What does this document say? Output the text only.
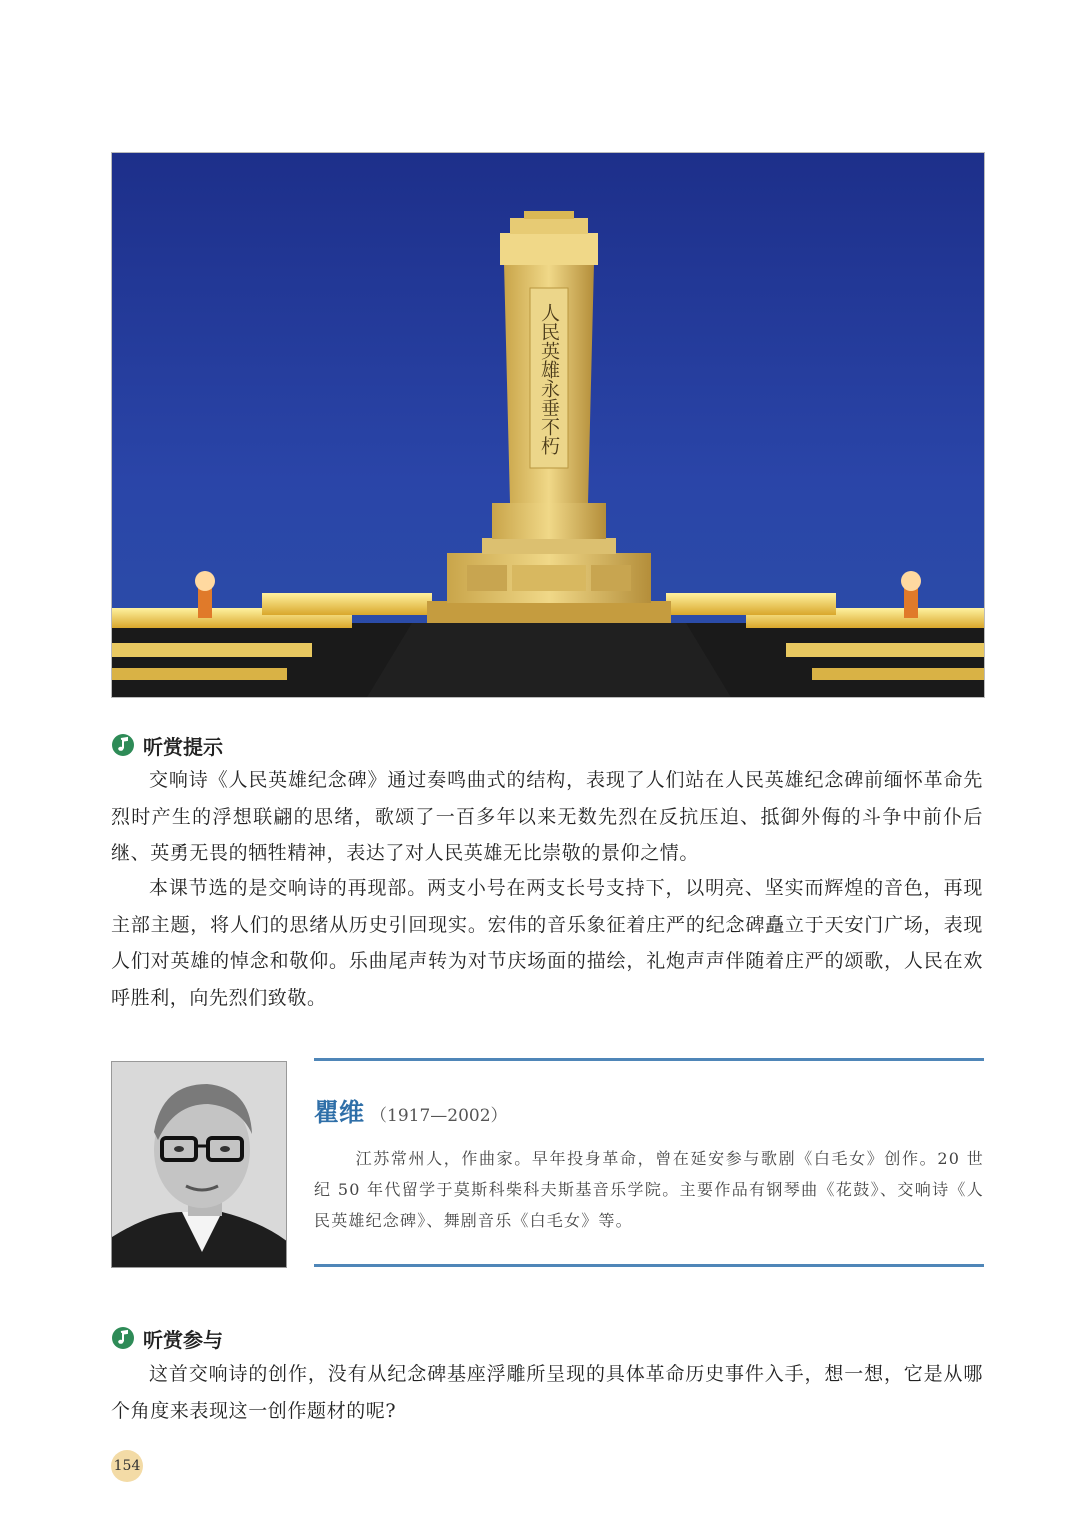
人民英雄永垂不朽
听赏提示

交响诗《人民英雄纪念碑》通过奏鸣曲式的结构，表现了人们站在人民英雄纪念碑前缅怀革命先烈时产生的浮想联翩的思绪，歌颂了一百多年以来无数先烈在反抗压迫、抵御外侮的斗争中前仆后继、英勇无畏的牺牲精神，表达了对人民英雄无比崇敬的景仰之情。

本课节选的是交响诗的再现部。两支小号在两支长号支持下，以明亮、坚实而辉煌的音色，再现主部主题，将人们的思绪从历史引回现实。宏伟的音乐象征着庄严的纪念碑矗立于天安门广场，表现人们对英雄的悼念和敬仰。乐曲尾声转为对节庆场面的描绘，礼炮声声伴随着庄严的颂歌，人民在欢呼胜利，向先烈们致敬。

瞿维 （1917—2002）

江苏常州人，作曲家。早年投身革命，曾在延安参与歌剧《白毛女》创作。20 世纪 50 年代留学于莫斯科柴科夫斯基音乐学院。主要作品有钢琴曲《花鼓》、交响诗《人民英雄纪念碑》、舞剧音乐《白毛女》等。

听赏参与

这首交响诗的创作，没有从纪念碑基座浮雕所呈现的具体革命历史事件入手，想一想，它是从哪个角度来表现这一创作题材的呢?

154
